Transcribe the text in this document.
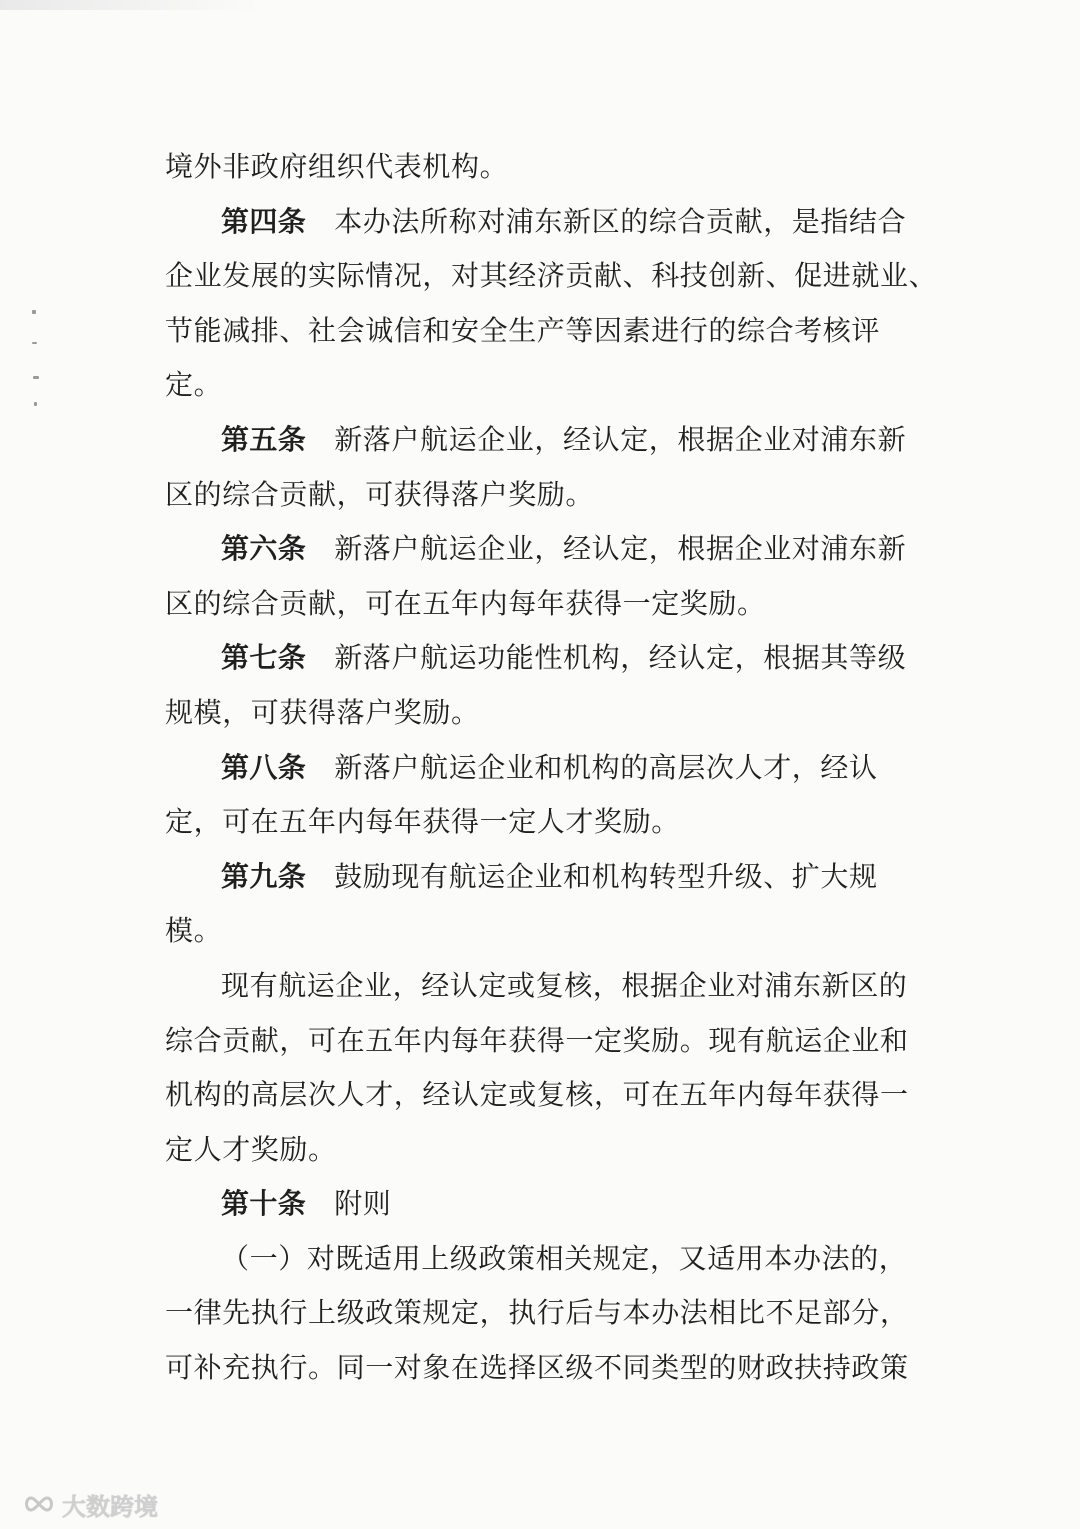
境外非政府组织代表机构。
第四条 本办法所称对浦东新区的综合贡献，是指结合
企业发展的实际情况，对其经济贡献、科技创新、促进就业、
节能减排、社会诚信和安全生产等因素进行的综合考核评
定。
第五条 新落户航运企业，经认定，根据企业对浦东新
区的综合贡献，可获得落户奖励。
第六条 新落户航运企业，经认定，根据企业对浦东新
区的综合贡献，可在五年内每年获得一定奖励。
第七条 新落户航运功能性机构，经认定，根据其等级
规模，可获得落户奖励。
第八条 新落户航运企业和机构的高层次人才，经认
定，可在五年内每年获得一定人才奖励。
第九条 鼓励现有航运企业和机构转型升级、扩大规
模。
现有航运企业，经认定或复核，根据企业对浦东新区的
综合贡献，可在五年内每年获得一定奖励。现有航运企业和
机构的高层次人才，经认定或复核，可在五年内每年获得一
定人才奖励。
第十条 附则
（一）对既适用上级政策相关规定，又适用本办法的，
一律先执行上级政策规定，执行后与本办法相比不足部分，
可补充执行。同一对象在选择区级不同类型的财政扶持政策
大数跨境
